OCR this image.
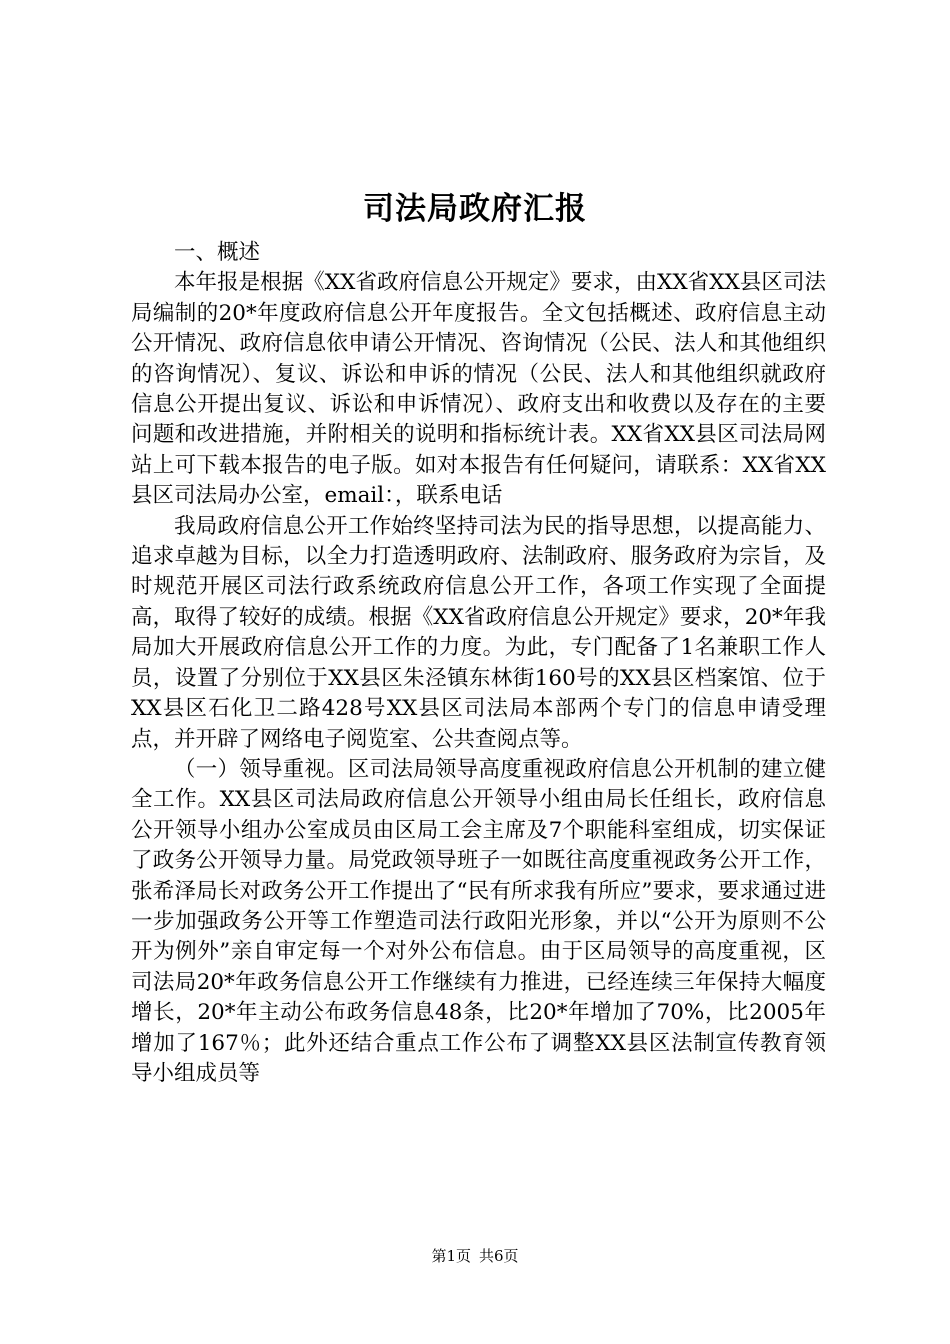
司法局政府汇报

一、概述

本年报是根据《XX省政府信息公开规定》要求，由XX省XX县区司法局编制的20*年度政府信息公开年度报告。全文包括概述、政府信息主动公开情况、政府信息依申请公开情况、咨询情况（公民、法人和其他组织的咨询情况）、复议、诉讼和申诉的情况（公民、法人和其他组织就政府信息公开提出复议、诉讼和申诉情况）、政府支出和收费以及存在的主要问题和改进措施，并附相关的说明和指标统计表。XX省XX县区司法局网站上可下载本报告的电子版。如对本报告有任何疑问，请联系：XX省XX县区司法局办公室，email：，联系电话

我局政府信息公开工作始终坚持司法为民的指导思想，以提高能力、追求卓越为目标，以全力打造透明政府、法制政府、服务政府为宗旨，及时规范开展区司法行政系统政府信息公开工作，各项工作实现了全面提高，取得了较好的成绩。根据《XX省政府信息公开规定》要求，20*年我局加大开展政府信息公开工作的力度。为此，专门配备了1名兼职工作人员，设置了分别位于XX县区朱泾镇东林街160号的XX县区档案馆、位于XX县区石化卫二路428号XX县区司法局本部两个专门的信息申请受理点，并开辟了网络电子阅览室、公共查阅点等。

（一）领导重视。区司法局领导高度重视政府信息公开机制的建立健全工作。XX县区司法局政府信息公开领导小组由局长任组长，政府信息公开领导小组办公室成员由区局工会主席及7个职能科室组成，切实保证了政务公开领导力量。局党政领导班子一如既往高度重视政务公开工作，张希泽局长对政务公开工作提出了“民有所求我有所应”要求，要求通过进一步加强政务公开等工作塑造司法行政阳光形象，并以“公开为原则不公开为例外”亲自审定每一个对外公布信息。由于区局领导的高度重视，区司法局20*年政务信息公开工作继续有力推进，已经连续三年保持大幅度增长，20*年主动公布政务信息48条，比20*年增加了70%，比2005年增加了167％；此外还结合重点工作公布了调整XX县区法制宣传教育领导小组成员等

第1页 共6页
